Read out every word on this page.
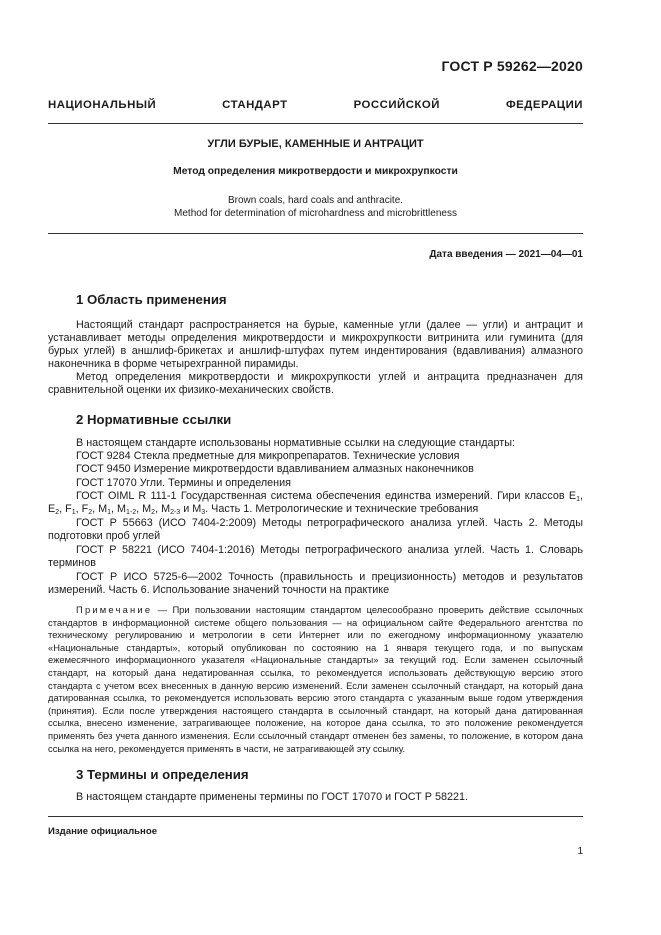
ГОСТ Р 59262—2020
НАЦИОНАЛЬНЫЙ СТАНДАРТ РОССИЙСКОЙ ФЕДЕРАЦИИ
УГЛИ БУРЫЕ, КАМЕННЫЕ И АНТРАЦИТ
Метод определения микротвердости и микрохрупкости
Brown coals, hard coals and anthracite.
Method for determination of microhardness and microbrittleness
Дата введения — 2021—04—01
1 Область применения

Настоящий стандарт распространяется на бурые, каменные угли (далее — угли) и антрацит и устанавливает методы определения микротвердости и микрохрупкости витринита или гуминита (для бурых углей) в аншлиф-брикетах и аншлиф-штуфах путем индентирования (вдавливания) алмазного наконечника в форме четырехгранной пирамиды.

Метод определения микротвердости и микрохрупкости углей и антрацита предназначен для сравнительной оценки их физико-механических свойств.

2 Нормативные ссылки

В настоящем стандарте использованы нормативные ссылки на следующие стандарты:

ГОСТ 9284 Стекла предметные для микропрепаратов. Технические условия

ГОСТ 9450 Измерение микротвердости вдавливанием алмазных наконечников

ГОСТ 17070 Угли. Термины и определения

ГОСТ OIML R 111-1 Государственная система обеспечения единства измерений. Гири классов $Е_1$, $Е_2$, $F_1$, $F_2$, $M_1$, $M_{1-2}$, $M_2$, $M_{2-3}$ и $M_3$. Часть 1. Метрологические и технические требования

ГОСТ Р 55663 (ИСО 7404-2:2009) Методы петрографического анализа углей. Часть 2. Методы подготовки проб углей

ГОСТ Р 58221 (ИСО 7404-1:2016) Методы петрографического анализа углей. Часть 1. Словарь терминов

ГОСТ Р ИСО 5725-6—2002 Точность (правильность и прецизионность) методов и результатов измерений. Часть 6. Использование значений точности на практике

Примечание — При пользовании настоящим стандартом целесообразно проверить действие ссылочных стандартов в информационной системе общего пользования — на официальном сайте Федерального агентства по техническому регулированию и метрологии в сети Интернет или по ежегодному информационному указателю «Национальные стандарты», который опубликован по состоянию на 1 января текущего года, и по выпускам ежемесячного информационного указателя «Национальные стандарты» за текущий год. Если заменен ссылочный стандарт, на который дана недатированная ссылка, то рекомендуется использовать действующую версию этого стандарта с учетом всех внесенных в данную версию изменений. Если заменен ссылочный стандарт, на который дана датированная ссылка, то рекомендуется использовать версию этого стандарта с указанным выше годом утверждения (принятия). Если после утверждения настоящего стандарта в ссылочный стандарт, на который дана датированная ссылка, внесено изменение, затрагивающее положение, на которое дана ссылка, то это положение рекомендуется применять без учета данного изменения. Если ссылочный стандарт отменен без замены, то положение, в котором дана ссылка на него, рекомендуется применять в части, не затрагивающей эту ссылку.

3 Термины и определения

В настоящем стандарте применены термины по ГОСТ 17070 и ГОСТ Р 58221.

Издание официальное
1
